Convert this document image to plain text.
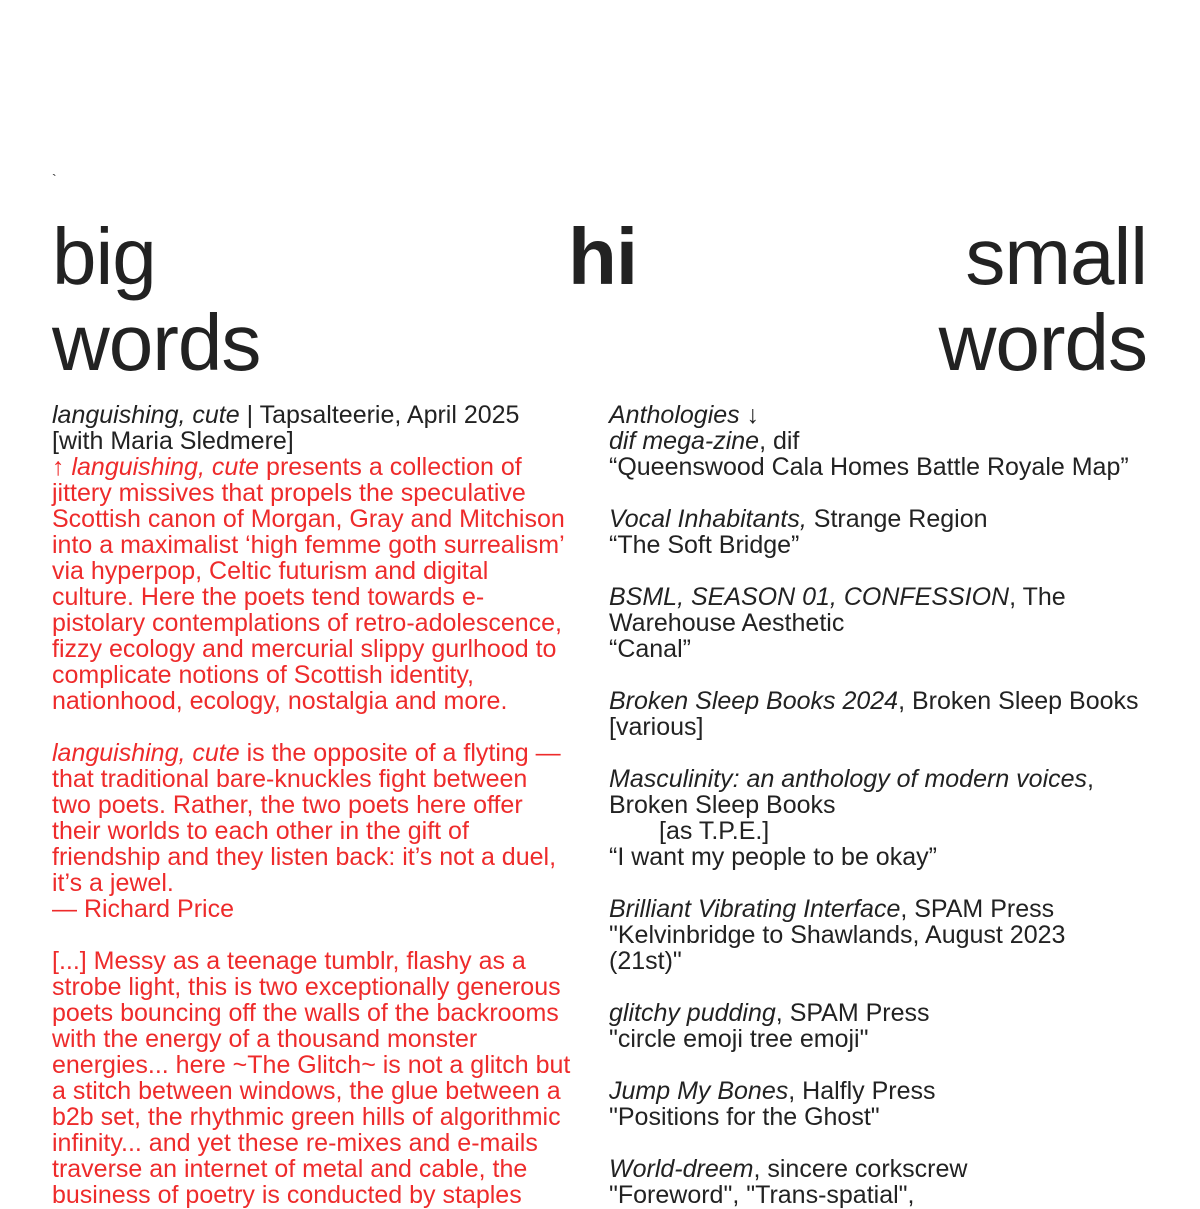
`
big
words
hi	small
words
languishing, cute | Tapsalteerie, April 2025
[with Maria Sledmere]
↑ languishing, cute presents a collection of
jittery missives that propels the speculative
Scottish canon of Morgan, Gray and Mitchison
into a maximalist ‘high femme goth surrealism’
via hyperpop, Celtic futurism and digital
culture. Here the poets tend towards e-
pistolary contemplations of retro-adolescence,
fizzy ecology and mercurial slippy gurlhood to
complicate notions of Scottish identity,
nationhood, ecology, nostalgia and more.
languishing, cute is the opposite of a flyting —
that traditional bare-knuckles fight between
two poets. Rather, the two poets here offer
their worlds to each other in the gift of
friendship and they listen back: it’s not a duel,
it’s a jewel.
— Richard Price
[...] Messy as a teenage tumblr, flashy as a
strobe light, this is two exceptionally generous
poets bouncing off the walls of the backrooms
with the energy of a thousand monster
energies... here ~The Glitch~ is not a glitch but
a stitch between windows, the glue between a
b2b set, the rhythmic green hills of algorithmic
infinity... and yet these re-mixes and e-mails
traverse an internet of metal and cable, the
business of poetry is conducted by staples
Anthologies ↓
dif mega-zine, dif
“Queenswood Cala Homes Battle Royale Map”
Vocal Inhabitants, Strange Region
“The Soft Bridge”
BSML, SEASON 01, CONFESSION, The
Warehouse Aesthetic
“Canal”
Broken Sleep Books 2024, Broken Sleep Books
[various]
Masculinity: an anthology of modern voices,
Broken Sleep Books
[as T.P.E.]
“I want my people to be okay”
Brilliant Vibrating Interface, SPAM Press
"Kelvinbridge to Shawlands, August 2023
(21st)"
glitchy pudding, SPAM Press
"circle emoji tree emoji"
Jump My Bones, Halfly Press
"Positions for the Ghost"
World-dreem, sincere corkscrew
"Foreword", "Trans-spatial",
